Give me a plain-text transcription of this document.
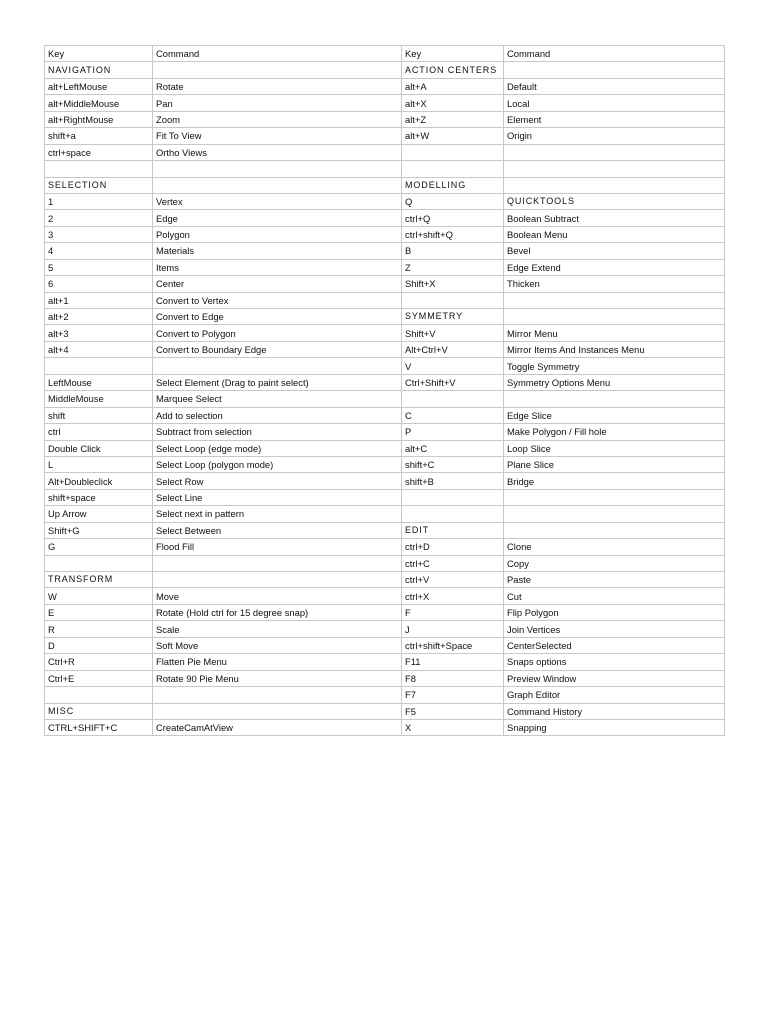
Key	Command	Key	Command
NAVIGATION		ACTION CENTERS	
alt+LeftMouse	Rotate	alt+A	Default
alt+MiddleMouse	Pan	alt+X	Local
alt+RightMouse	Zoom	alt+Z	Element
shift+a	Fit To View	alt+W	Origin
ctrl+space	Ortho Views		

SELECTION		MODELLING	
1	Vertex	Q	QUICKTOOLS
2	Edge	ctrl+Q	Boolean Subtract
3	Polygon	ctrl+shift+Q	Boolean Menu
4	Materials	B	Bevel
5	Items	Z	Edge Extend
6	Center	Shift+X	Thicken
alt+1	Convert to Vertex		
alt+2	Convert to Edge	SYMMETRY	
alt+3	Convert to Polygon	Shift+V	Mirror Menu
alt+4	Convert to Boundary Edge	Alt+Ctrl+V	Mirror Items And Instances Menu
		V	Toggle Symmetry
LeftMouse	Select Element (Drag to paint select)	Ctrl+Shift+V	Symmetry Options Menu
MiddleMouse	Marquee Select		
shift	Add to selection	C	Edge Slice
ctrl	Subtract from selection	P	Make Polygon / Fill hole
Double Click	Select Loop (edge mode)	alt+C	Loop Slice
L	Select Loop (polygon mode)	shift+C	Plane Slice
Alt+Doubleclick	Select Row	shift+B	Bridge
shift+space	Select Line		
Up Arrow	Select next in pattern		
Shift+G	Select Between	EDIT	
G	Flood Fill	ctrl+D	Clone
		ctrl+C	Copy
TRANSFORM		ctrl+V	Paste
W	Move	ctrl+X	Cut
E	Rotate (Hold ctrl for 15 degree snap)	F	Flip Polygon
R	Scale	J	Join Vertices
D	Soft Move	ctrl+shift+Space	CenterSelected
Ctrl+R	Flatten Pie Menu	F11	Snaps options
Ctrl+E	Rotate 90 Pie Menu	F8	Preview Window
		F7	Graph Editor
MISC		F5	Command History
CTRL+SHIFT+C	CreateCamAtView	X	Snapping
